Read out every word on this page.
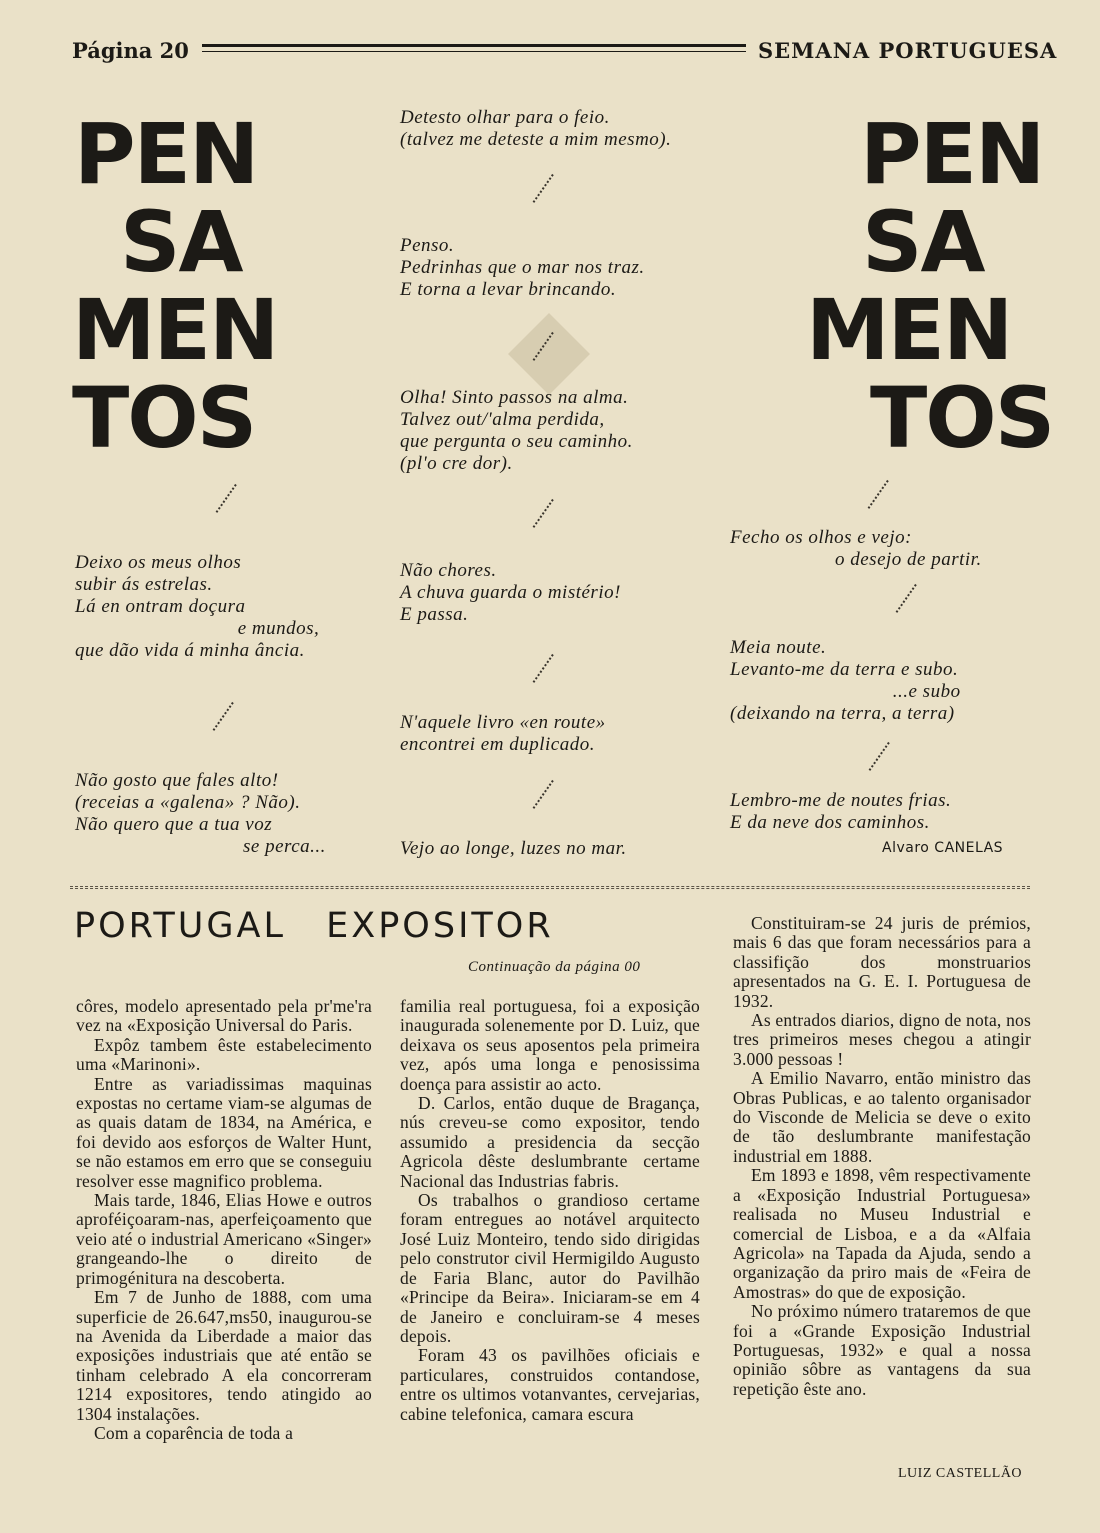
Página 20	SEMANA PORTUGUESA
PEN
SA
MEN
TOS
PEN
SA
MEN
TOS
Deixo os meus olhos
subir ás estrelas.
Lá en ontram doçura
e mundos,
que dão vida á minha ância.
Não gosto que fales alto!
(receias a «galena» ? Não).
Não quero que a tua voz
se perca...
Detesto olhar para o feio.
(talvez me deteste a mim mesmo).
Penso.
Pedrinhas que o mar nos traz.
E torna a levar brincando.
Olha! Sinto passos na alma.
Talvez out/'alma perdida,
que pergunta o seu caminho.
(pl'o cre dor).
Não chores.
A chuva guarda o mistério!
E passa.
N'aquele livro «en route»
encontrei em duplicado.
Vejo ao longe, luzes no mar.
Fecho os olhos e vejo:
o desejo de partir.
Meia noute.
Levanto-me da terra e subo.
...e subo
(deixando na terra, a terra)
Lembro-me de noutes frias.
E da neve dos caminhos.
Alvaro CANELAS
PORTUGAL EXPOSITOR
Continuação da página 00

côres, modelo apresentado pela pr'me'ra vez na «Exposição Universal do Paris.

Expôz tambem êste estabelecimento uma «Marinoni».

Entre as variadissimas maquinas expostas no certame viam-se algumas de as quais datam de 1834, na América, e foi devido aos esforços de Walter Hunt, se não estamos em erro que se conseguiu resolver esse magnifico problema.

Mais tarde, 1846, Elias Howe e outros aproféiçoaram-nas, aperfeiçoamento que veio até o industrial Americano «Singer» grangeando-lhe o direito de primogénitura na descoberta.

Em 7 de Junho de 1888, com uma superficie de 26.647,ms50, inaugurou-se na Avenida da Liberdade a maior das exposições industriais que até então se tinham celebrado A ela concorreram 1214 expositores, tendo atingido ao 1304 instalações.

Com a coparência de toda a

familia real portuguesa, foi a exposição inaugurada solenemente por D. Luiz, que deixava os seus aposentos pela primeira vez, após uma longa e penosissima doença para assistir ao acto.

D. Carlos, então duque de Bragança, nús creveu-se como expositor, tendo assumido a presidencia da secção Agricola dêste deslumbrante certame Nacional das Industrias fabris.

Os trabalhos o grandioso certame foram entregues ao notável arquitecto José Luiz Monteiro, tendo sido dirigidas pelo construtor civil Hermigildo Augusto de Faria Blanc, autor do Pavilhão «Principe da Beira». Iniciaram-se em 4 de Janeiro e concluiram-se 4 meses depois.

Foram 43 os pavilhões oficiais e particulares, construidos contandose, entre os ultimos votanvantes, cervejarias, cabine telefonica, camara escura

Constituiram-se 24 juris de prémios, mais 6 das que foram necessários para a classifição dos monstruarios apresentados na G. E. I. Portuguesa de 1932.

As entrados diarios, digno de nota, nos tres primeiros meses chegou a atingir 3.000 pessoas !

A Emilio Navarro, então ministro das Obras Publicas, e ao talento organisador do Visconde de Melicia se deve o exito de tão deslumbrante manifestação industrial em 1888.

Em 1893 e 1898, vêm respectivamente a «Exposição Industrial Portuguesa» realisada no Museu Industrial e comercial de Lisboa, e a da «Alfaia Agricola» na Tapada da Ajuda, sendo a organização da priro mais de «Feira de Amostras» do que de exposição.

No próximo número trataremos de que foi a «Grande Exposição Industrial Portuguesas, 1932» e qual a nossa opinião sôbre as vantagens da sua repetição êste ano.

LUIZ CASTELLÃO
